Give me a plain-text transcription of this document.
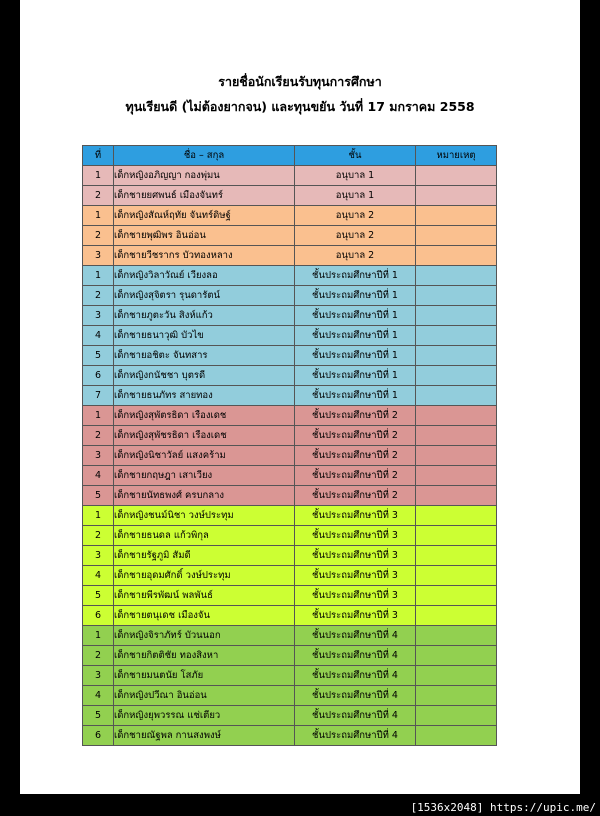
รายชื่อนักเรียนรับทุนการศึกษา
ทุนเรียนดี (ไม่ต้องยากจน) และทุนขยัน วันที่ 17 มกราคม 2558
ที่	ชื่อ – สกุล	ชั้น	หมายเหตุ
1	เด็กหญิงอภิญญา กองพุ่มน	อนุบาล 1	
2	เด็กชายยศพนธ์ เมืองจันทร์	อนุบาล 1	
1	เด็กหญิงสัณห์ฤทัย จันทร์ดิษฐ์	อนุบาล 2	
2	เด็กชายพุฒิพร อินอ่อน	อนุบาล 2	
3	เด็กชายวีชรากร บัวทองหลาง	อนุบาล 2	
1	เด็กหญิงวิลาวัณย์ เวียงลอ	ชั้นประถมศึกษาปีที่ 1	
2	เด็กหญิงสุจิตรา รุนดารัตน์	ชั้นประถมศึกษาปีที่ 1	
3	เด็กชายภูตะวัน สิงห์แก้ว	ชั้นประถมศึกษาปีที่ 1	
4	เด็กชายธนาวุฒิ บัวไข	ชั้นประถมศึกษาปีที่ 1	
5	เด็กชายอชิตะ จันทสาร	ชั้นประถมศึกษาปีที่ 1	
6	เด็กหญิงกนัชชา บุตรดี	ชั้นประถมศึกษาปีที่ 1	
7	เด็กชายธนภัทร สายทอง	ชั้นประถมศึกษาปีที่ 1	
1	เด็กหญิงสุพัตรธิดา เรืองเดช	ชั้นประถมศึกษาปีที่ 2	
2	เด็กหญิงสุพัชรธิดา เรืองเดช	ชั้นประถมศึกษาปีที่ 2	
3	เด็กหญิงนิชาวัลย์ แสงคร้าม	ชั้นประถมศึกษาปีที่ 2	
4	เด็กชายกฤษฎา เสาเวียง	ชั้นประถมศึกษาปีที่ 2	
5	เด็กชายนัทธพงศ์ ครบกลาง	ชั้นประถมศึกษาปีที่ 2	
1	เด็กหญิงชนม์นิชา วงษ์ประทุม	ชั้นประถมศึกษาปีที่ 3	
2	เด็กชายธนดล แก้วพิกุล	ชั้นประถมศึกษาปีที่ 3	
3	เด็กชายรัฐภูมิ สัมดี	ชั้นประถมศึกษาปีที่ 3	
4	เด็กชายอุดมศักดิ์ วงษ์ประทุม	ชั้นประถมศึกษาปีที่ 3	
5	เด็กชายพีรพัฒน์ พลพันธ์	ชั้นประถมศึกษาปีที่ 3	
6	เด็กชายตนุเดช เมืองจัน	ชั้นประถมศึกษาปีที่ 3	
1	เด็กหญิงจิราภัทร์ บัวนนอก	ชั้นประถมศึกษาปีที่ 4	
2	เด็กชายกิตติชัย ทองสิงหา	ชั้นประถมศึกษาปีที่ 4	
3	เด็กชายมนตนัย โสภัย	ชั้นประถมศึกษาปีที่ 4	
4	เด็กหญิงปวีณา อินอ่อน	ชั้นประถมศึกษาปีที่ 4	
5	เด็กหญิงยุพวรรณ แช่เตียว	ชั้นประถมศึกษาปีที่ 4	
6	เด็กชายณัฐพล กานสงพงษ์	ชั้นประถมศึกษาปีที่ 4	
[1536x2048] https://upic.me/
